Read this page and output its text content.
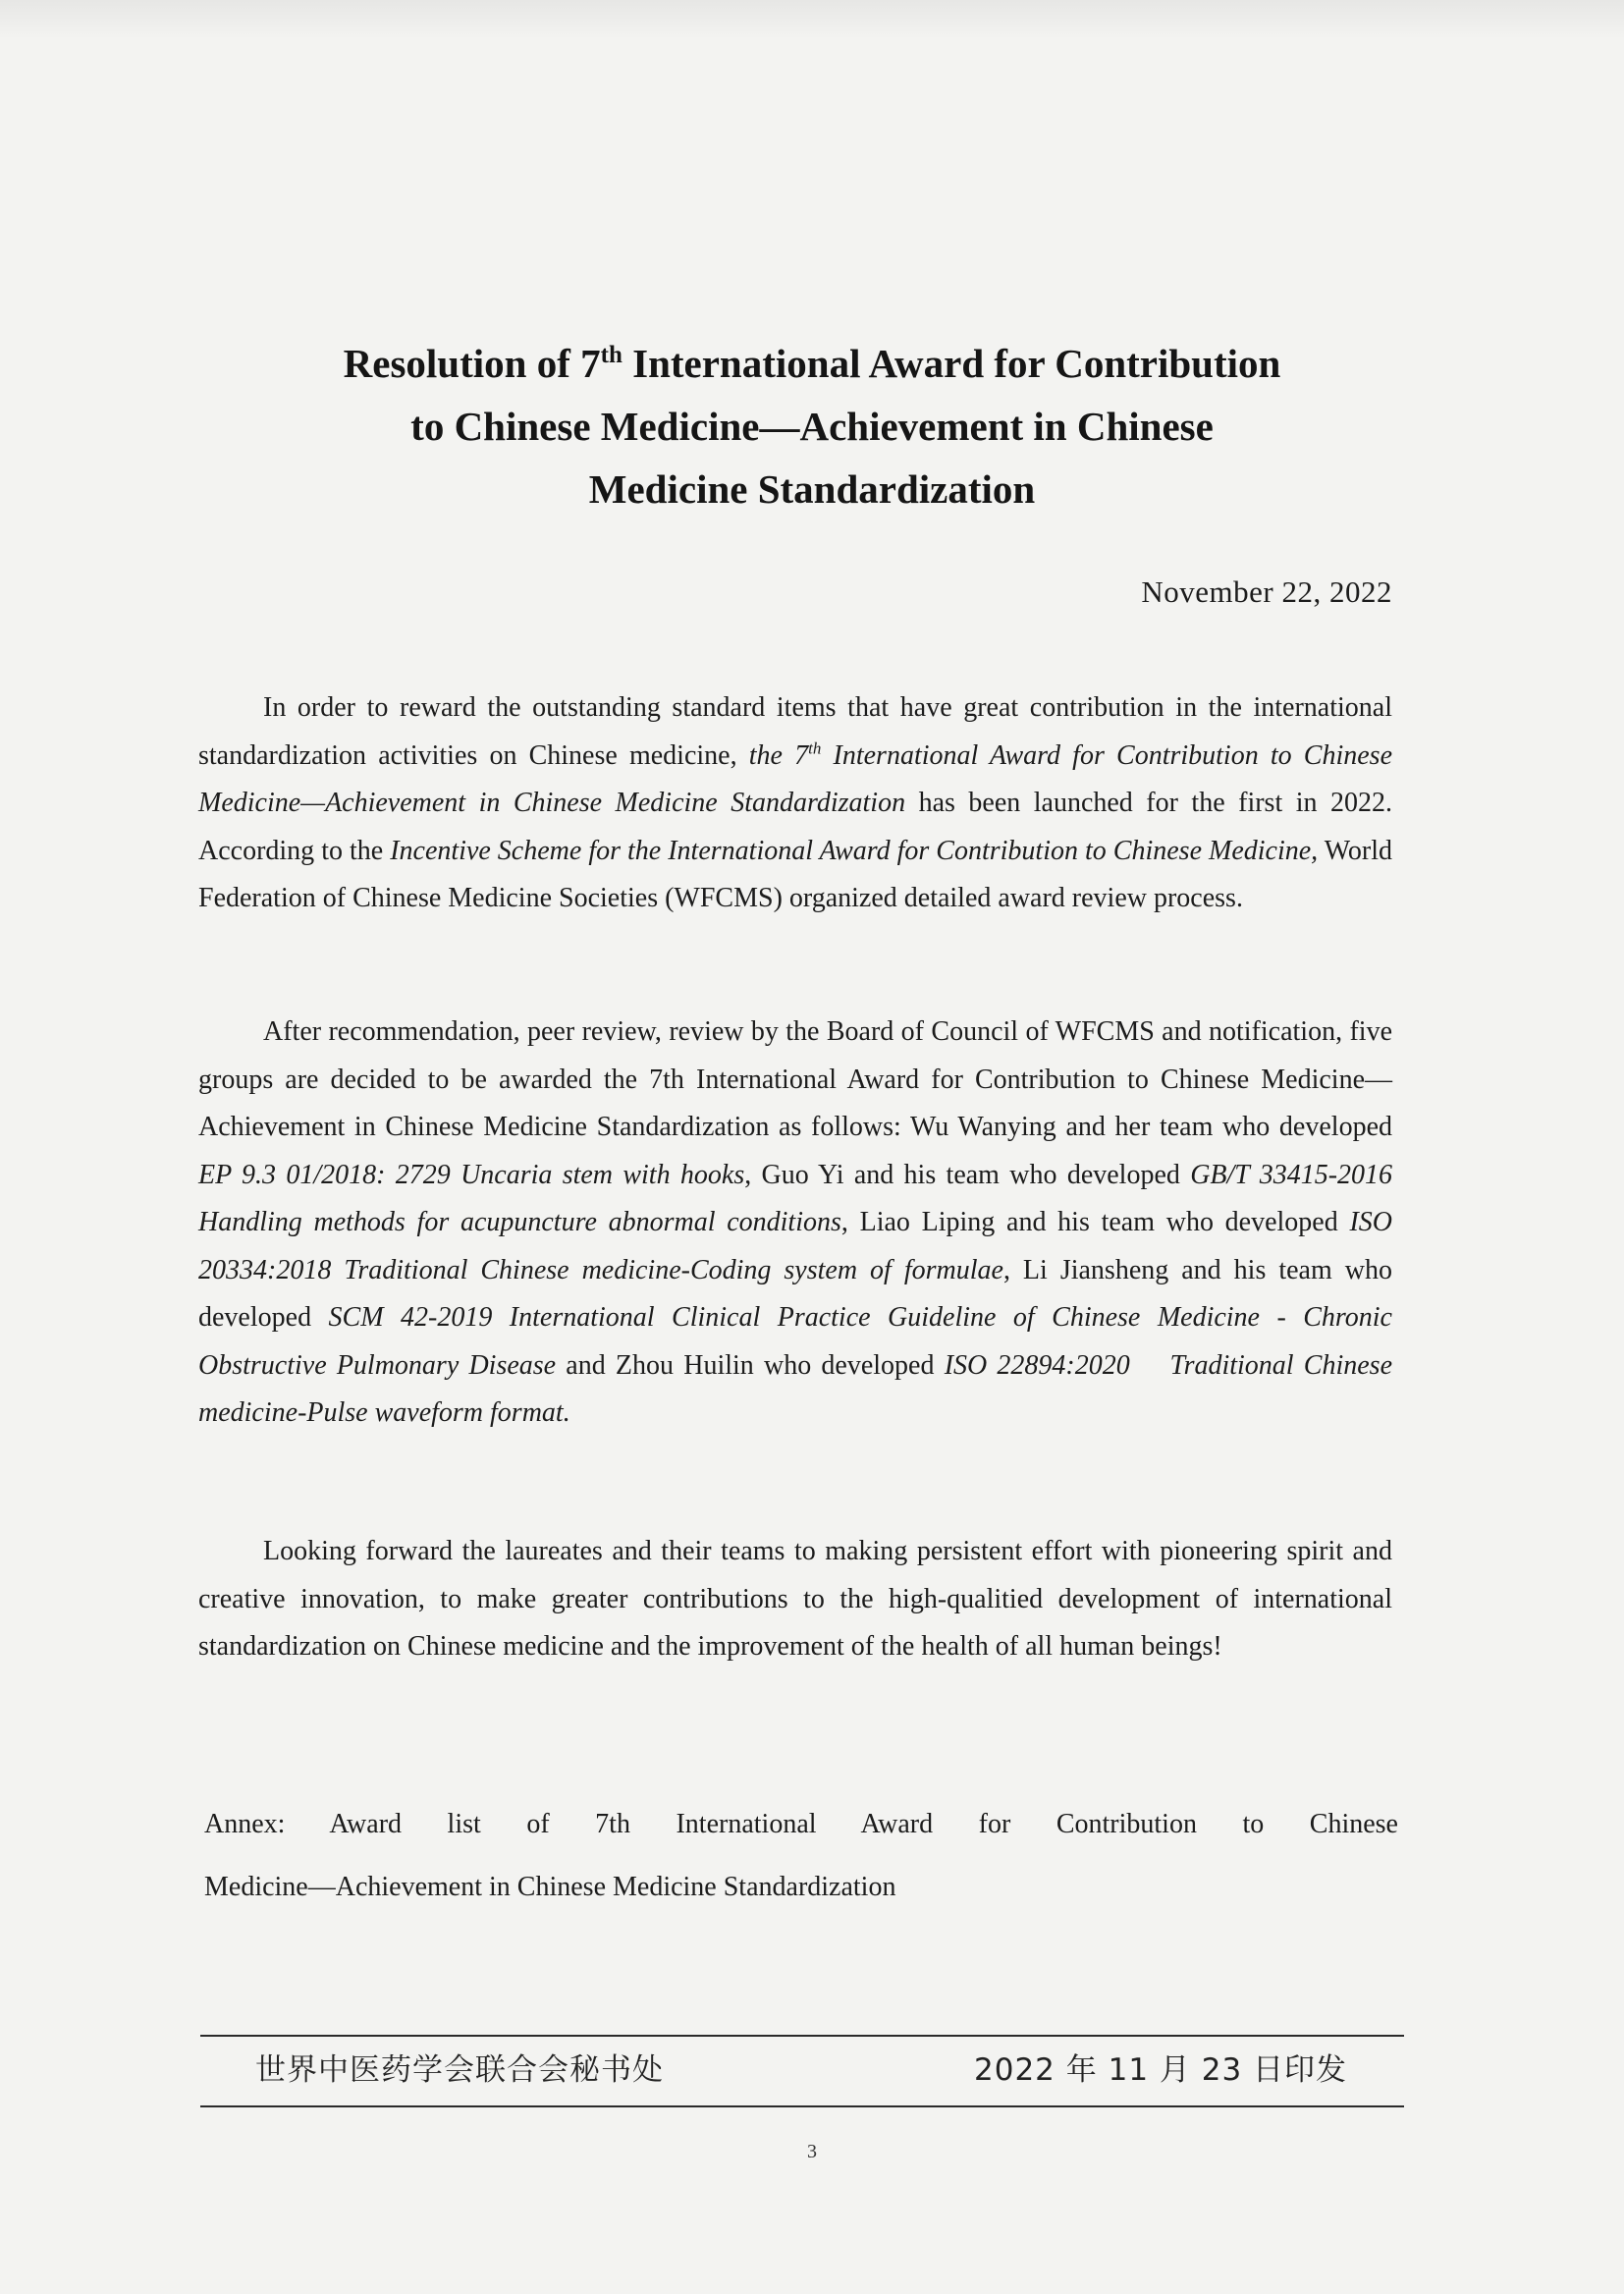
Resolution of 7th International Award for Contribution
to Chinese Medicine—Achievement in Chinese
Medicine Standardization
November 22, 2022

In order to reward the outstanding standard items that have great contribution in the international standardization activities on Chinese medicine, the 7th International Award for Contribution to Chinese Medicine—Achievement in Chinese Medicine Standardization has been launched for the first in 2022. According to the Incentive Scheme for the International Award for Contribution to Chinese Medicine, World Federation of Chinese Medicine Societies (WFCMS) organized detailed award review process.

After recommendation, peer review, review by the Board of Council of WFCMS and notification, five groups are decided to be awarded the 7th International Award for Contribution to Chinese Medicine—Achievement in Chinese Medicine Standardization as follows: Wu Wanying and her team who developed EP 9.3 01/2018: 2729 Uncaria stem with hooks, Guo Yi and his team who developed GB/T 33415-2016 Handling methods for acupuncture abnormal conditions, Liao Liping and his team who developed ISO 20334:2018 Traditional Chinese medicine-Coding system of formulae, Li Jiansheng and his team who developed SCM 42-2019 International Clinical Practice Guideline of Chinese Medicine - Chronic Obstructive Pulmonary Disease and Zhou Huilin who developed ISO 22894:2020    Traditional Chinese medicine-Pulse waveform format.

Looking forward the laureates and their teams to making persistent effort with pioneering spirit and creative innovation, to make greater contributions to the high-qualitied development of international standardization on Chinese medicine and the improvement of the health of all human beings!

Annex: Award list of 7th International Award for Contribution to Chinese
Medicine—Achievement in Chinese Medicine Standardization
世界中医药学会联合会秘书处	2022 年 11 月 23 日印发
3
